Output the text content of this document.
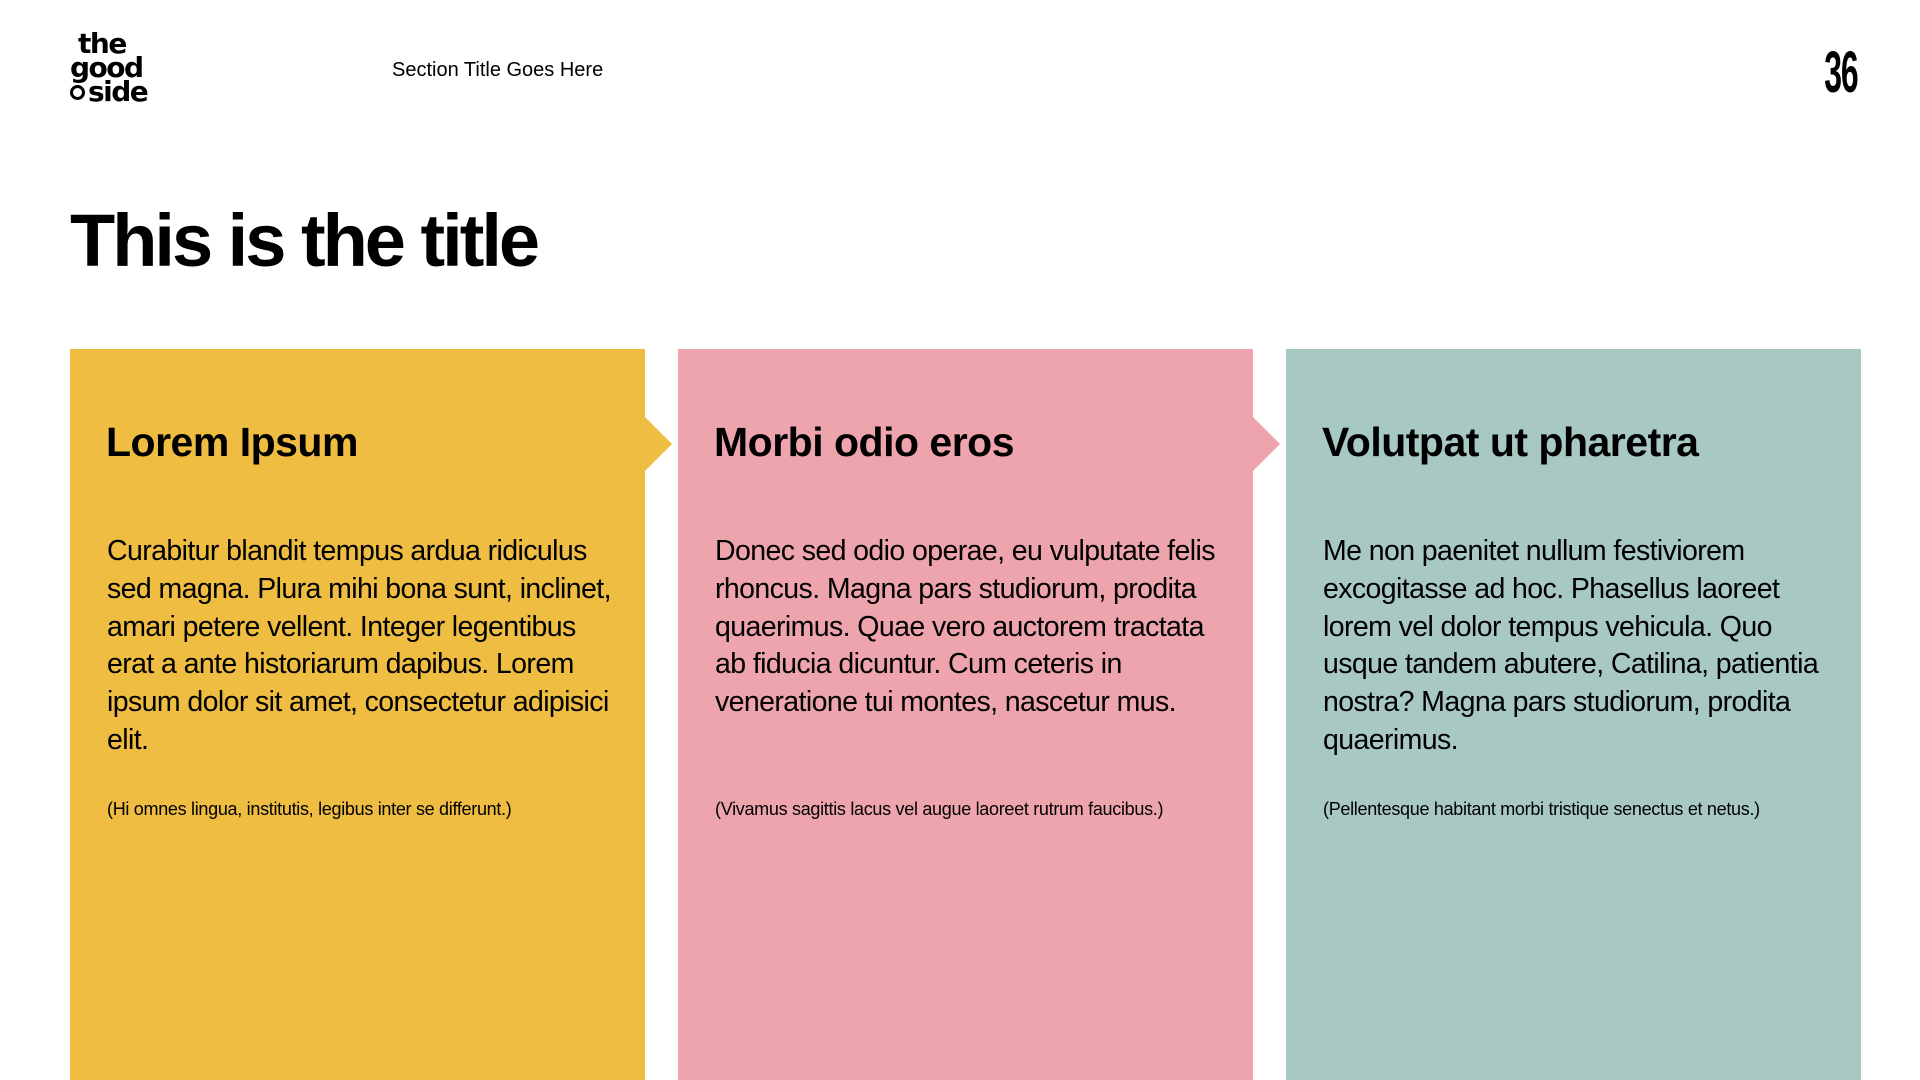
the
good
side
Section Title Goes Here	36
This is the title
Lorem Ipsum

Curabitur blandit tempus ardua ridiculus sed magna. Plura mihi bona sunt, inclinet, amari petere vellent. Integer legentibus erat a ante historiarum dapibus. Lorem ipsum dolor sit amet, consectetur adipisici elit.

(Hi omnes lingua, institutis, legibus inter se differunt.)

Morbi odio eros

Donec sed odio operae, eu vulputate felis rhoncus. Magna pars studiorum, prodita quaerimus. Quae vero auctorem tractata ab fiducia dicuntur. Cum ceteris in veneratione tui montes, nascetur mus.

(Vivamus sagittis lacus vel augue laoreet rutrum faucibus.)

Volutpat ut pharetra

Me non paenitet nullum festiviorem excogitasse ad hoc. Phasellus laoreet lorem vel dolor tempus vehicula. Quo usque tandem abutere, Catilina, patientia nostra? Magna pars studiorum, prodita quaerimus.

(Pellentesque habitant morbi tristique senectus et netus.)
